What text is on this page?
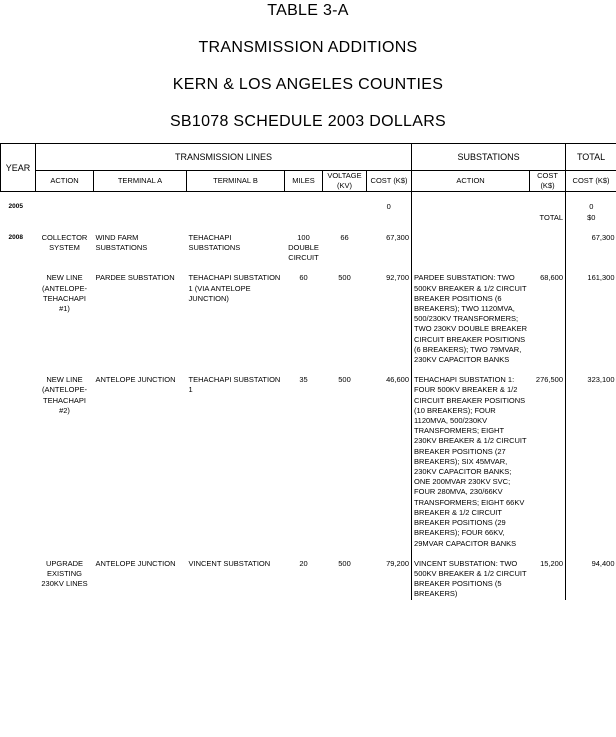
TABLE 3-A
TRANSMISSION ADDITIONS
KERN & LOS ANGELES COUNTIES
SB1078 SCHEDULE 2003 DOLLARS
YEAR	TRANSMISSION LINES						SUBSTATIONS		TOTAL
	ACTION	TERMINAL A	TERMINAL B	MILES	VOLTAGE (KV)	COST (K$)	ACTION	COST (K$)	COST (K$)

2005						0			0
								TOTAL	$0

2008	COLLECTOR SYSTEM	WIND FARM SUBSTATIONS	TEHACHAPI SUBSTATIONS	100 DOUBLE CIRCUIT	66	67,300			67,300

	NEW LINE (ANTELOPE-TEHACHAPI #1)	PARDEE SUBSTATION	TEHACHAPI SUBSTATION 1 (VIA ANTELOPE JUNCTION)	60	500	92,700	PARDEE SUBSTATION: TWO 500KV BREAKER & 1/2 CIRCUIT BREAKER POSITIONS (6 BREAKERS); TWO 1120MVA, 500/230KV TRANSFORMERS; TWO 230KV DOUBLE BREAKER CIRCUIT BREAKER POSITIONS (6 BREAKERS); TWO 79MVAR, 230KV CAPACITOR BANKS	68,600	161,300

	NEW LINE (ANTELOPE-TEHACHAPI #2)	ANTELOPE JUNCTION	TEHACHAPI SUBSTATION 1	35	500	46,600	TEHACHAPI SUBSTATION 1: FOUR 500KV BREAKER & 1/2 CIRCUIT BREAKER POSITIONS (10 BREAKERS); FOUR 1120MVA, 500/230KV TRANSFORMERS; EIGHT 230KV BREAKER & 1/2 CIRCUIT BREAKER POSITIONS (27 BREAKERS); SIX 45MVAR, 230KV CAPACITOR BANKS; ONE 200MVAR 230KV SVC; FOUR 280MVA, 230/66KV TRANSFORMERS; EIGHT 66KV BREAKER & 1/2 CIRCUIT BREAKER POSITIONS (29 BREAKERS); FOUR 66KV, 29MVAR CAPACITOR BANKS	276,500	323,100

	UPGRADE EXISTING 230KV LINES	ANTELOPE JUNCTION	VINCENT SUBSTATION	20	500	79,200	VINCENT SUBSTATION: TWO 500KV BREAKER & 1/2 CIRCUIT BREAKER POSITIONS (5 BREAKERS)	15,200	94,400
